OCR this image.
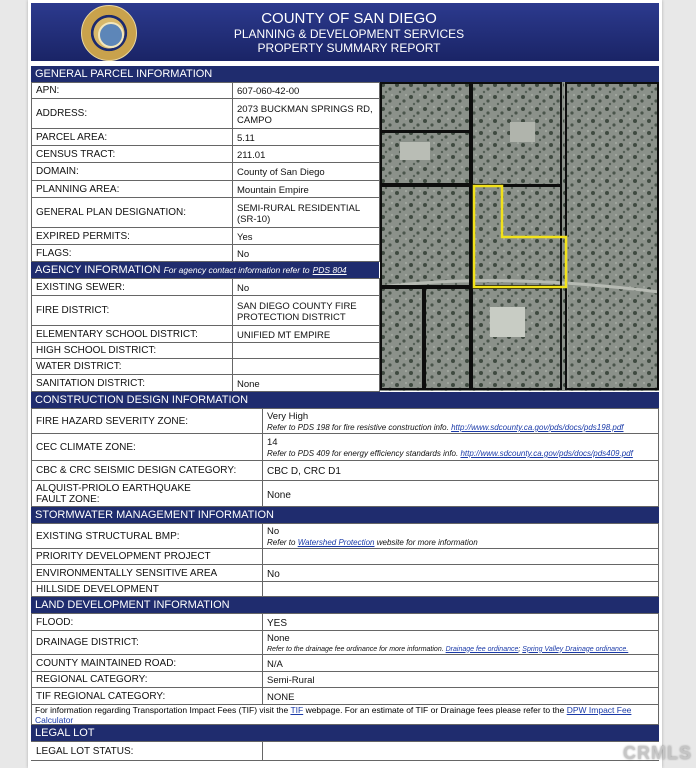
COUNTY OF SAN DIEGO
PLANNING & DEVELOPMENT SERVICES
PROPERTY SUMMARY REPORT
GENERAL PARCEL INFORMATION
APN:	607-060-42-00
ADDRESS:	2073 BUCKMAN SPRINGS RD,
CAMPO
PARCEL AREA:	5.11
CENSUS TRACT:	211.01
DOMAIN:	County of San Diego
PLANNING AREA:	Mountain Empire
GENERAL PLAN DESIGNATION:	SEMI-RURAL RESIDENTIAL
(SR-10)
EXPIRED PERMITS:	Yes
FLAGS:	No
AGENCY INFORMATION For agency contact information refer to PDS 804
EXISTING SEWER:	No
FIRE DISTRICT:	SAN DIEGO COUNTY FIRE
PROTECTION DISTRICT
ELEMENTARY SCHOOL DISTRICT:	UNIFIED MT EMPIRE
HIGH SCHOOL DISTRICT:
WATER DISTRICT:
SANITATION DISTRICT:	None
CONSTRUCTION DESIGN INFORMATION
FIRE HAZARD SEVERITY ZONE:	Very High
Refer to PDS 198 for fire resistive construction info. http://www.sdcounty.ca.gov/pds/docs/pds198.pdf
CEC CLIMATE ZONE:	14
Refer to PDS 409 for energy efficiency standards info. http://www.sdcounty.ca.gov/pds/docs/pds409.pdf
CBC & CRC SEISMIC DESIGN CATEGORY:	CBC D, CRC D1
ALQUIST-PRIOLO EARTHQUAKE
FAULT ZONE:	None
STORMWATER MANAGEMENT INFORMATION
EXISTING STRUCTURAL BMP:	No
Refer to Watershed Protection website for more information
PRIORITY DEVELOPMENT PROJECT
ENVIRONMENTALLY SENSITIVE AREA	No
HILLSIDE DEVELOPMENT
LAND DEVELOPMENT INFORMATION
FLOOD:	YES
DRAINAGE DISTRICT:	None
Refer to the drainage fee ordinance for more information. Drainage fee ordinance; Spring Valley Drainage ordinance.
COUNTY MAINTAINED ROAD:	N/A
REGIONAL CATEGORY:	Semi-Rural
TIF REGIONAL CATEGORY:	NONE
For information regarding Transportation Impact Fees (TIF) visit the TIF webpage. For an estimate of TIF or Drainage fees please refer to the DPW Impact Fee Calculator
LEGAL LOT
LEGAL LOT STATUS:	CRMLS
